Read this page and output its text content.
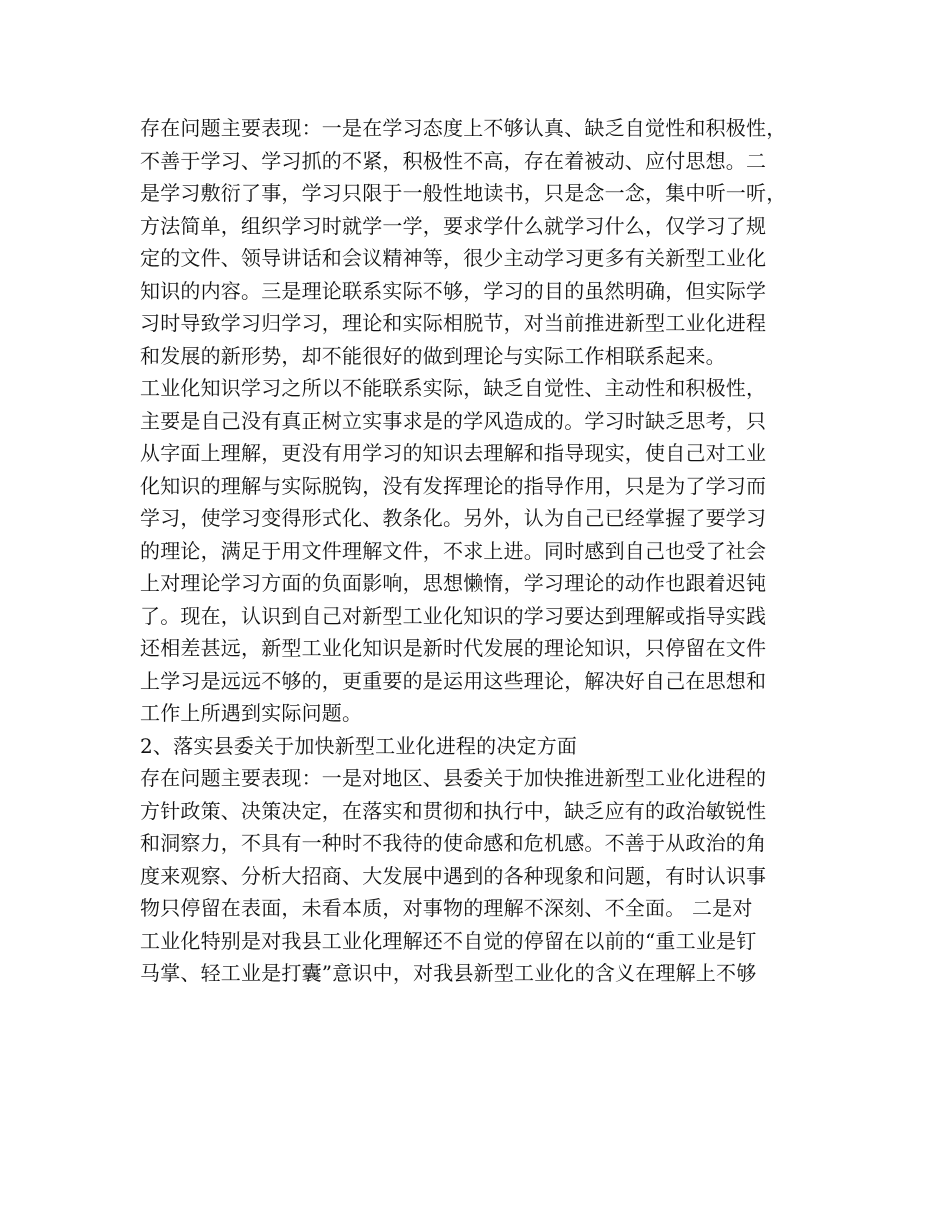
存在问题主要表现：一是在学习态度上不够认真、缺乏自觉性和积极性，
不善于学习、学习抓的不紧，积极性不高，存在着被动、应付思想。二
是学习敷衍了事，学习只限于一般性地读书，只是念一念，集中听一听，
方法简单，组织学习时就学一学，要求学什么就学习什么，仅学习了规
定的文件、领导讲话和会议精神等，很少主动学习更多有关新型工业化
知识的内容。三是理论联系实际不够，学习的目的虽然明确，但实际学
习时导致学习归学习，理论和实际相脱节，对当前推进新型工业化进程
和发展的新形势，却不能很好的做到理论与实际工作相联系起来。
工业化知识学习之所以不能联系实际，缺乏自觉性、主动性和积极性，
主要是自己没有真正树立实事求是的学风造成的。学习时缺乏思考，只
从字面上理解，更没有用学习的知识去理解和指导现实，使自己对工业
化知识的理解与实际脱钩，没有发挥理论的指导作用，只是为了学习而
学习，使学习变得形式化、教条化。另外，认为自己已经掌握了要学习
的理论，满足于用文件理解文件，不求上进。同时感到自己也受了社会
上对理论学习方面的负面影响，思想懒惰，学习理论的动作也跟着迟钝
了。现在，认识到自己对新型工业化知识的学习要达到理解或指导实践
还相差甚远，新型工业化知识是新时代发展的理论知识，只停留在文件
上学习是远远不够的，更重要的是运用这些理论，解决好自己在思想和
工作上所遇到实际问题。
2、落实县委关于加快新型工业化进程的决定方面
存在问题主要表现：一是对地区、县委关于加快推进新型工业化进程的
方针政策、决策决定，在落实和贯彻和执行中，缺乏应有的政治敏锐性
和洞察力，不具有一种时不我待的使命感和危机感。不善于从政治的角
度来观察、分析大招商、大发展中遇到的各种现象和问题，有时认识事
物只停留在表面，未看本质，对事物的理解不深刻、不全面。 二是对
工业化特别是对我县工业化理解还不自觉的停留在以前的“重工业是钉
马掌、轻工业是打囊”意识中，对我县新型工业化的含义在理解上不够
